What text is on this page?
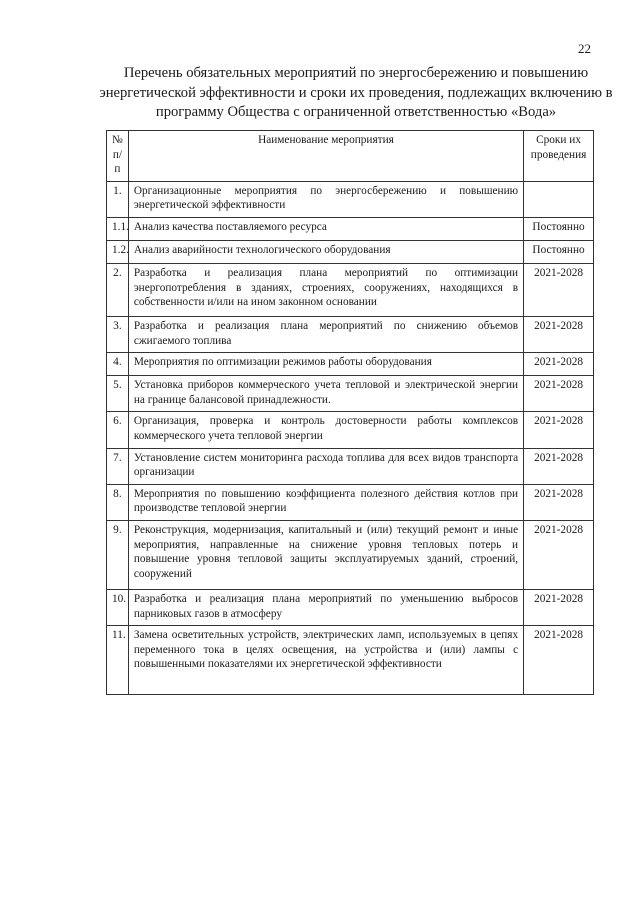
22
Перечень обязательных мероприятий по энергосбережению и повышению энергетической эффективности и сроки их проведения, подлежащих включению в программу Общества с ограниченной ответственностью «Вода»
№ п/п	Наименование мероприятия	Сроки их проведения
1.	Организационные мероприятия по энергосбережению и повышению энергетической эффективности	
1.1.	Анализ качества поставляемого ресурса	Постоянно
1.2.	Анализ аварийности технологического оборудования	Постоянно
2.	Разработка и реализация плана мероприятий по оптимизации энергопотребления в зданиях, строениях, сооружениях, находящихся в собственности и/или на ином законном основании	2021-2028
3.	Разработка и реализация плана мероприятий по снижению объемов сжигаемого топлива	2021-2028
4.	Мероприятия по оптимизации режимов работы оборудования	2021-2028
5.	Установка приборов коммерческого учета тепловой и электрической энергии на границе балансовой принадлежности.	2021-2028
6.	Организация, проверка и контроль достоверности работы комплексов коммерческого учета тепловой энергии	2021-2028
7.	Установление систем мониторинга расхода топлива для всех видов транспорта организации	2021-2028
8.	Мероприятия по повышению коэффициента полезного действия котлов при производстве тепловой энергии	2021-2028
9.	Реконструкция, модернизация, капитальный и (или) текущий ремонт и иные мероприятия, направленные на снижение уровня тепловых потерь и повышение уровня тепловой защиты эксплуатируемых зданий, строений, сооружений	2021-2028
10.	Разработка и реализация плана мероприятий по уменьшению выбросов парниковых газов в атмосферу	2021-2028
11.	Замена осветительных устройств, электрических ламп, используемых в цепях переменного тока в целях освещения, на устройства и (или) лампы с повышенными показателями их энергетической эффективности	2021-2028
